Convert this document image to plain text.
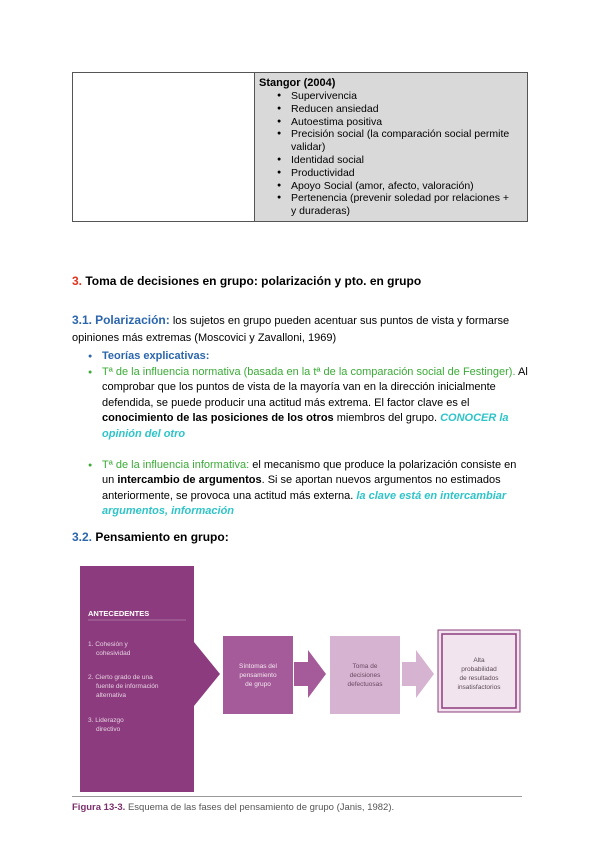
Stangor (2004)
● Supervivencia
● Reducen ansiedad
● Autoestima positiva
● Precisión social (la comparación social permite validar)
● Identidad social
● Productividad
● Apoyo Social (amor, afecto, valoración)
● Pertenencia (prevenir soledad por relaciones + y duraderas)
3. Toma de decisiones en grupo: polarización y pto. en grupo
3.1. Polarización: los sujetos en grupo pueden acentuar sus puntos de vista y formarse opiniones más extremas (Moscovici y Zavalloni, 1969)
● Teorías explicativas:
● Tª de la influencia normativa (basada en la tª de la comparación social de Festinger). Al comprobar que los puntos de vista de la mayoría van en la dirección inicialmente defendida, se puede producir una actitud más extrema. El factor clave es el conocimiento de las posiciones de los otros miembros del grupo. CONOCER la opinión del otro
● Tª de la influencia informativa: el mecanismo que produce la polarización consiste en un intercambio de argumentos. Si se aportan nuevos argumentos no estimados anteriormente, se provoca una actitud más externa. la clave está en intercambiar argumentos, información
3.2. Pensamiento en grupo:
ANTECEDENTES
1. Cohesión y
cohesividad
2. Cierto grado de una
fuente de información
alternativa
3. Liderazgo
directivo
Síntomas del
pensamiento
de grupo
Toma de
decisiones
defectuosas
Alta
probabilidad
de resultados
insatisfactorios
Figura 13-3. Esquema de las fases del pensamiento de grupo (Janis, 1982).
